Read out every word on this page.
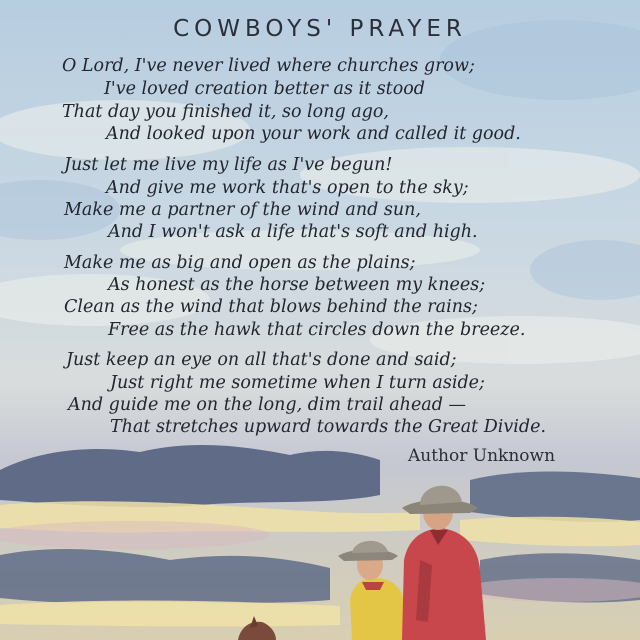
COWBOYS' PRAYER
O Lord, I've never lived where churches grow;
I've loved creation better as it stood
That day you finished it, so long ago,
And looked upon your work and called it good.
Just let me live my life as I've begun!
And give me work that's open to the sky;
Make me a partner of the wind and sun,
And I won't ask a life that's soft and high.
Make me as big and open as the plains;
As honest as the horse between my knees;
Clean as the wind that blows behind the rains;
Free as the hawk that circles down the breeze.
Just keep an eye on all that's done and said;
Just right me sometime when I turn aside;
And guide me on the long, dim trail ahead —
That stretches upward towards the Great Divide.
Author Unknown
